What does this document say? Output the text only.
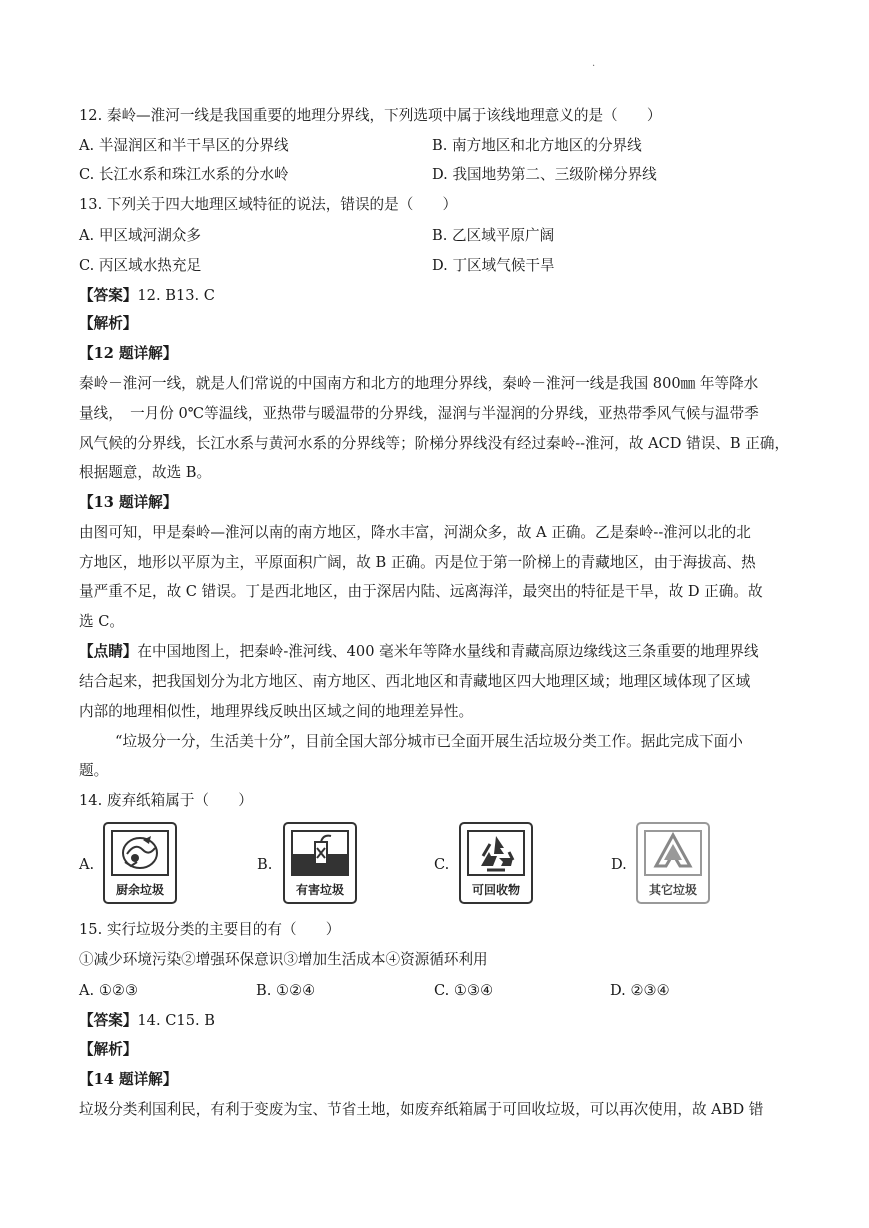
.
12. 秦岭—淮河一线是我国重要的地理分界线，下列选项中属于该线地理意义的是（　　）
A. 半湿润区和半干旱区的分界线	B. 南方地区和北方地区的分界线
C. 长江水系和珠江水系的分水岭	D. 我国地势第二、三级阶梯分界线
13. 下列关于四大地理区域特征的说法，错误的是（　　）
A. 甲区域河湖众多	B. 乙区域平原广阔
C. 丙区域水热充足	D. 丁区域气候干旱
【答案】12. B13. C
【解析】
【12 题详解】
秦岭－淮河一线，就是人们常说的中国南方和北方的地理分界线，秦岭－淮河一线是我国 800㎜ 年等降水
量线，　一月份 0℃等温线，亚热带与暖温带的分界线，湿润与半湿润的分界线，亚热带季风气候与温带季
风气候的分界线，长江水系与黄河水系的分界线等；阶梯分界线没有经过秦岭--淮河，故 ACD 错误、B 正确，
根据题意，故选 B。
【13 题详解】
由图可知，甲是秦岭—淮河以南的南方地区，降水丰富，河湖众多，故 A 正确。乙是秦岭--淮河以北的北
方地区，地形以平原为主，平原面积广阔，故 B 正确。丙是位于第一阶梯上的青藏地区，由于海拔高、热
量严重不足，故 C 错误。丁是西北地区，由于深居内陆、远离海洋，最突出的特征是干旱，故 D 正确。故
选 C。
【点睛】在中国地图上，把秦岭-淮河线、400 毫米年等降水量线和青藏高原边缘线这三条重要的地理界线
结合起来，把我国划分为北方地区、南方地区、西北地区和青藏地区四大地理区域；地理区域体现了区域
内部的地理相似性，地理界线反映出区域之间的地理差异性。
“垃圾分一分，生活美十分”，目前全国大部分城市已全面开展生活垃圾分类工作。据此完成下面小
题。
14. 废弃纸箱属于（　　）
A.
厨余垃圾
B.
有害垃圾
C.
可回收物
D.
其它垃圾
15. 实行垃圾分类的主要目的有（　　）
①减少环境污染②增强环保意识③增加生活成本④资源循环利用
A. ①②③	B. ①②④	C. ①③④	D. ②③④
【答案】14. C15. B
【解析】
【14 题详解】
垃圾分类利国利民，有利于变废为宝、节省土地，如废弃纸箱属于可回收垃圾，可以再次使用，故 ABD 错
